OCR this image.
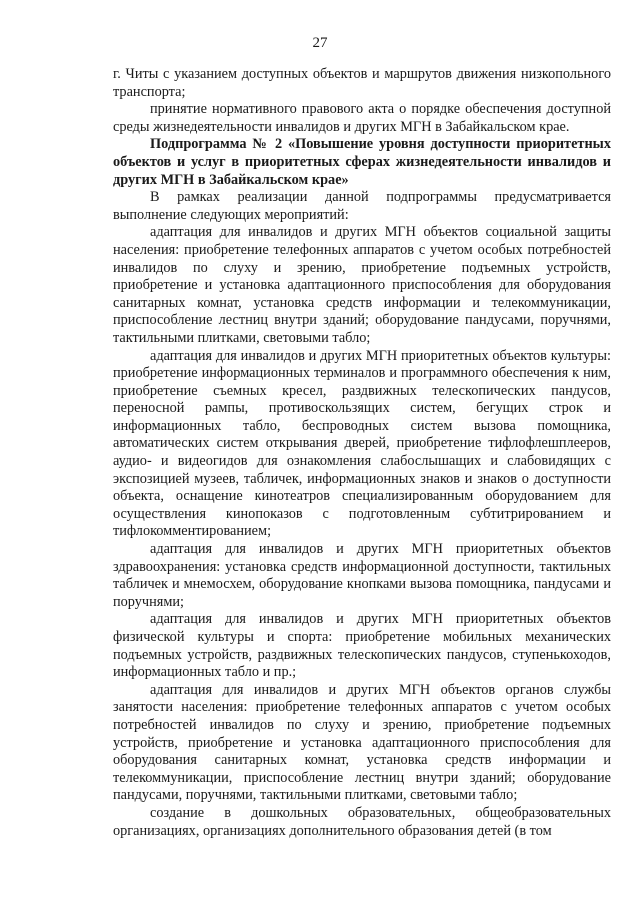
27

г. Читы с указанием доступных объектов и маршрутов движения низкопольного транспорта;

принятие нормативного правового акта о порядке обеспечения доступной среды жизнедеятельности инвалидов и других МГН в Забайкальском крае.

Подпрограмма № 2 «Повышение уровня доступности приоритетных объектов и услуг в приоритетных сферах жизнедеятельности инвалидов и других МГН в Забайкальском крае»

В рамках реализации данной подпрограммы предусматривается выполнение следующих мероприятий:

адаптация для инвалидов и других МГН объектов социальной защиты населения: приобретение телефонных аппаратов с учетом особых потребностей инвалидов по слуху и зрению, приобретение подъемных устройств, приобретение и установка адаптационного приспособления для оборудования санитарных комнат, установка средств информации и телекоммуникации, приспособление лестниц внутри зданий; оборудование пандусами, поручнями, тактильными плитками, световыми табло;

адаптация для инвалидов и других МГН приоритетных объектов культуры: приобретение информационных терминалов и программного обеспечения к ним, приобретение съемных кресел, раздвижных телескопических пандусов, переносной рампы, противоскользящих систем, бегущих строк и информационных табло, беспроводных систем вызова помощника, автоматических систем открывания дверей, приобретение тифлофлешплееров, аудио- и видеогидов для ознакомления слабослышащих и слабовидящих с экспозицией музеев, табличек, информационных знаков и знаков о доступности объекта, оснащение кинотеатров специализированным оборудованием для осуществления кинопоказов с подготовленным субтитрированием и тифлокомментированием;

адаптация для инвалидов и других МГН приоритетных объектов здравоохранения: установка средств информационной доступности, тактильных табличек и мнемосхем, оборудование кнопками вызова помощника, пандусами и поручнями;

адаптация для инвалидов и других МГН приоритетных объектов физической культуры и спорта: приобретение мобильных механических подъемных устройств, раздвижных телескопических пандусов, ступенькоходов, информационных табло и пр.;

адаптация для инвалидов и других МГН объектов органов службы занятости населения: приобретение телефонных аппаратов с учетом особых потребностей инвалидов по слуху и зрению, приобретение подъемных устройств, приобретение и установка адаптационного приспособления для оборудования санитарных комнат, установка средств информации и телекоммуникации, приспособление лестниц внутри зданий; оборудование пандусами, поручнями, тактильными плитками, световыми табло;

создание в дошкольных образовательных, общеобразовательных организациях, организациях дополнительного образования детей (в том
